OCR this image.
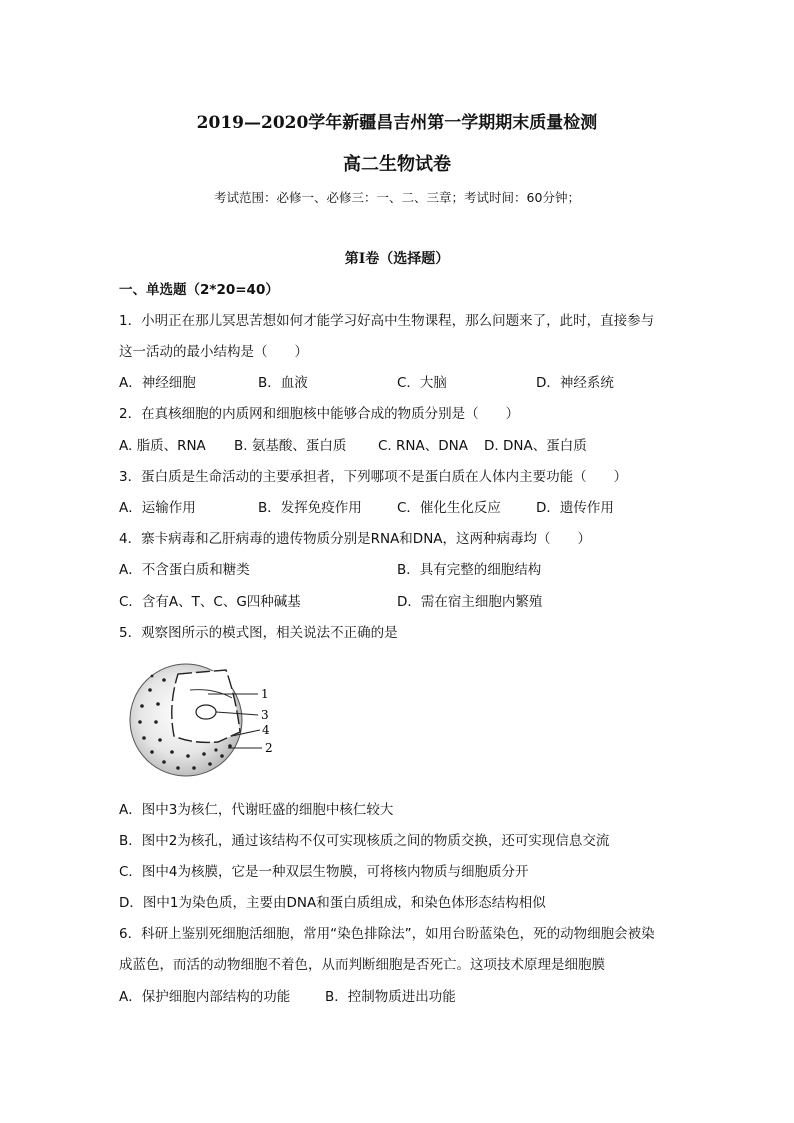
2019—2020学年新疆昌吉州第一学期期末质量检测
高二生物试卷
考试范围：必修一、必修三：一、二、三章；考试时间：60分钟；
第Ⅰ卷（选择题）
一、单选题（2*20=40）
1．小明正在那儿冥思苦想如何才能学习好高中生物课程，那么问题来了，此时，直接参与
这一活动的最小结构是（　　）
A．神经细胞	B．血液	C．大脑	D．神经系统
2．在真核细胞的内质网和细胞核中能够合成的物质分别是（　　）
A. 脂质、RNA B. 氨基酸、蛋白质 C. RNA、DNA D. DNA、蛋白质
3．蛋白质是生命活动的主要承担者，下列哪项不是蛋白质在人体内主要功能（　　）
A．运输作用	B．发挥免疫作用	C．催化生化反应	D．遗传作用
4．寨卡病毒和乙肝病毒的遗传物质分别是RNA和DNA，这两种病毒均（　　）
A．不含蛋白质和糖类	B．具有完整的细胞结构
C．含有A、T、C、G四种碱基	D．需在宿主细胞内繁殖
5．观察图所示的模式图，相关说法不正确的是
1
3
4
2
A．图中3为核仁，代谢旺盛的细胞中核仁较大
B．图中2为核孔，通过该结构不仅可实现核质之间的物质交换，还可实现信息交流
C．图中4为核膜，它是一种双层生物膜，可将核内物质与细胞质分开
D．图中1为染色质，主要由DNA和蛋白质组成，和染色体形态结构相似
6．科研上鉴别死细胞活细胞，常用“染色排除法”，如用台盼蓝染色，死的动物细胞会被染
成蓝色，而活的动物细胞不着色，从而判断细胞是否死亡。这项技术原理是细胞膜
A．保护细胞内部结构的功能	B．控制物质进出功能
